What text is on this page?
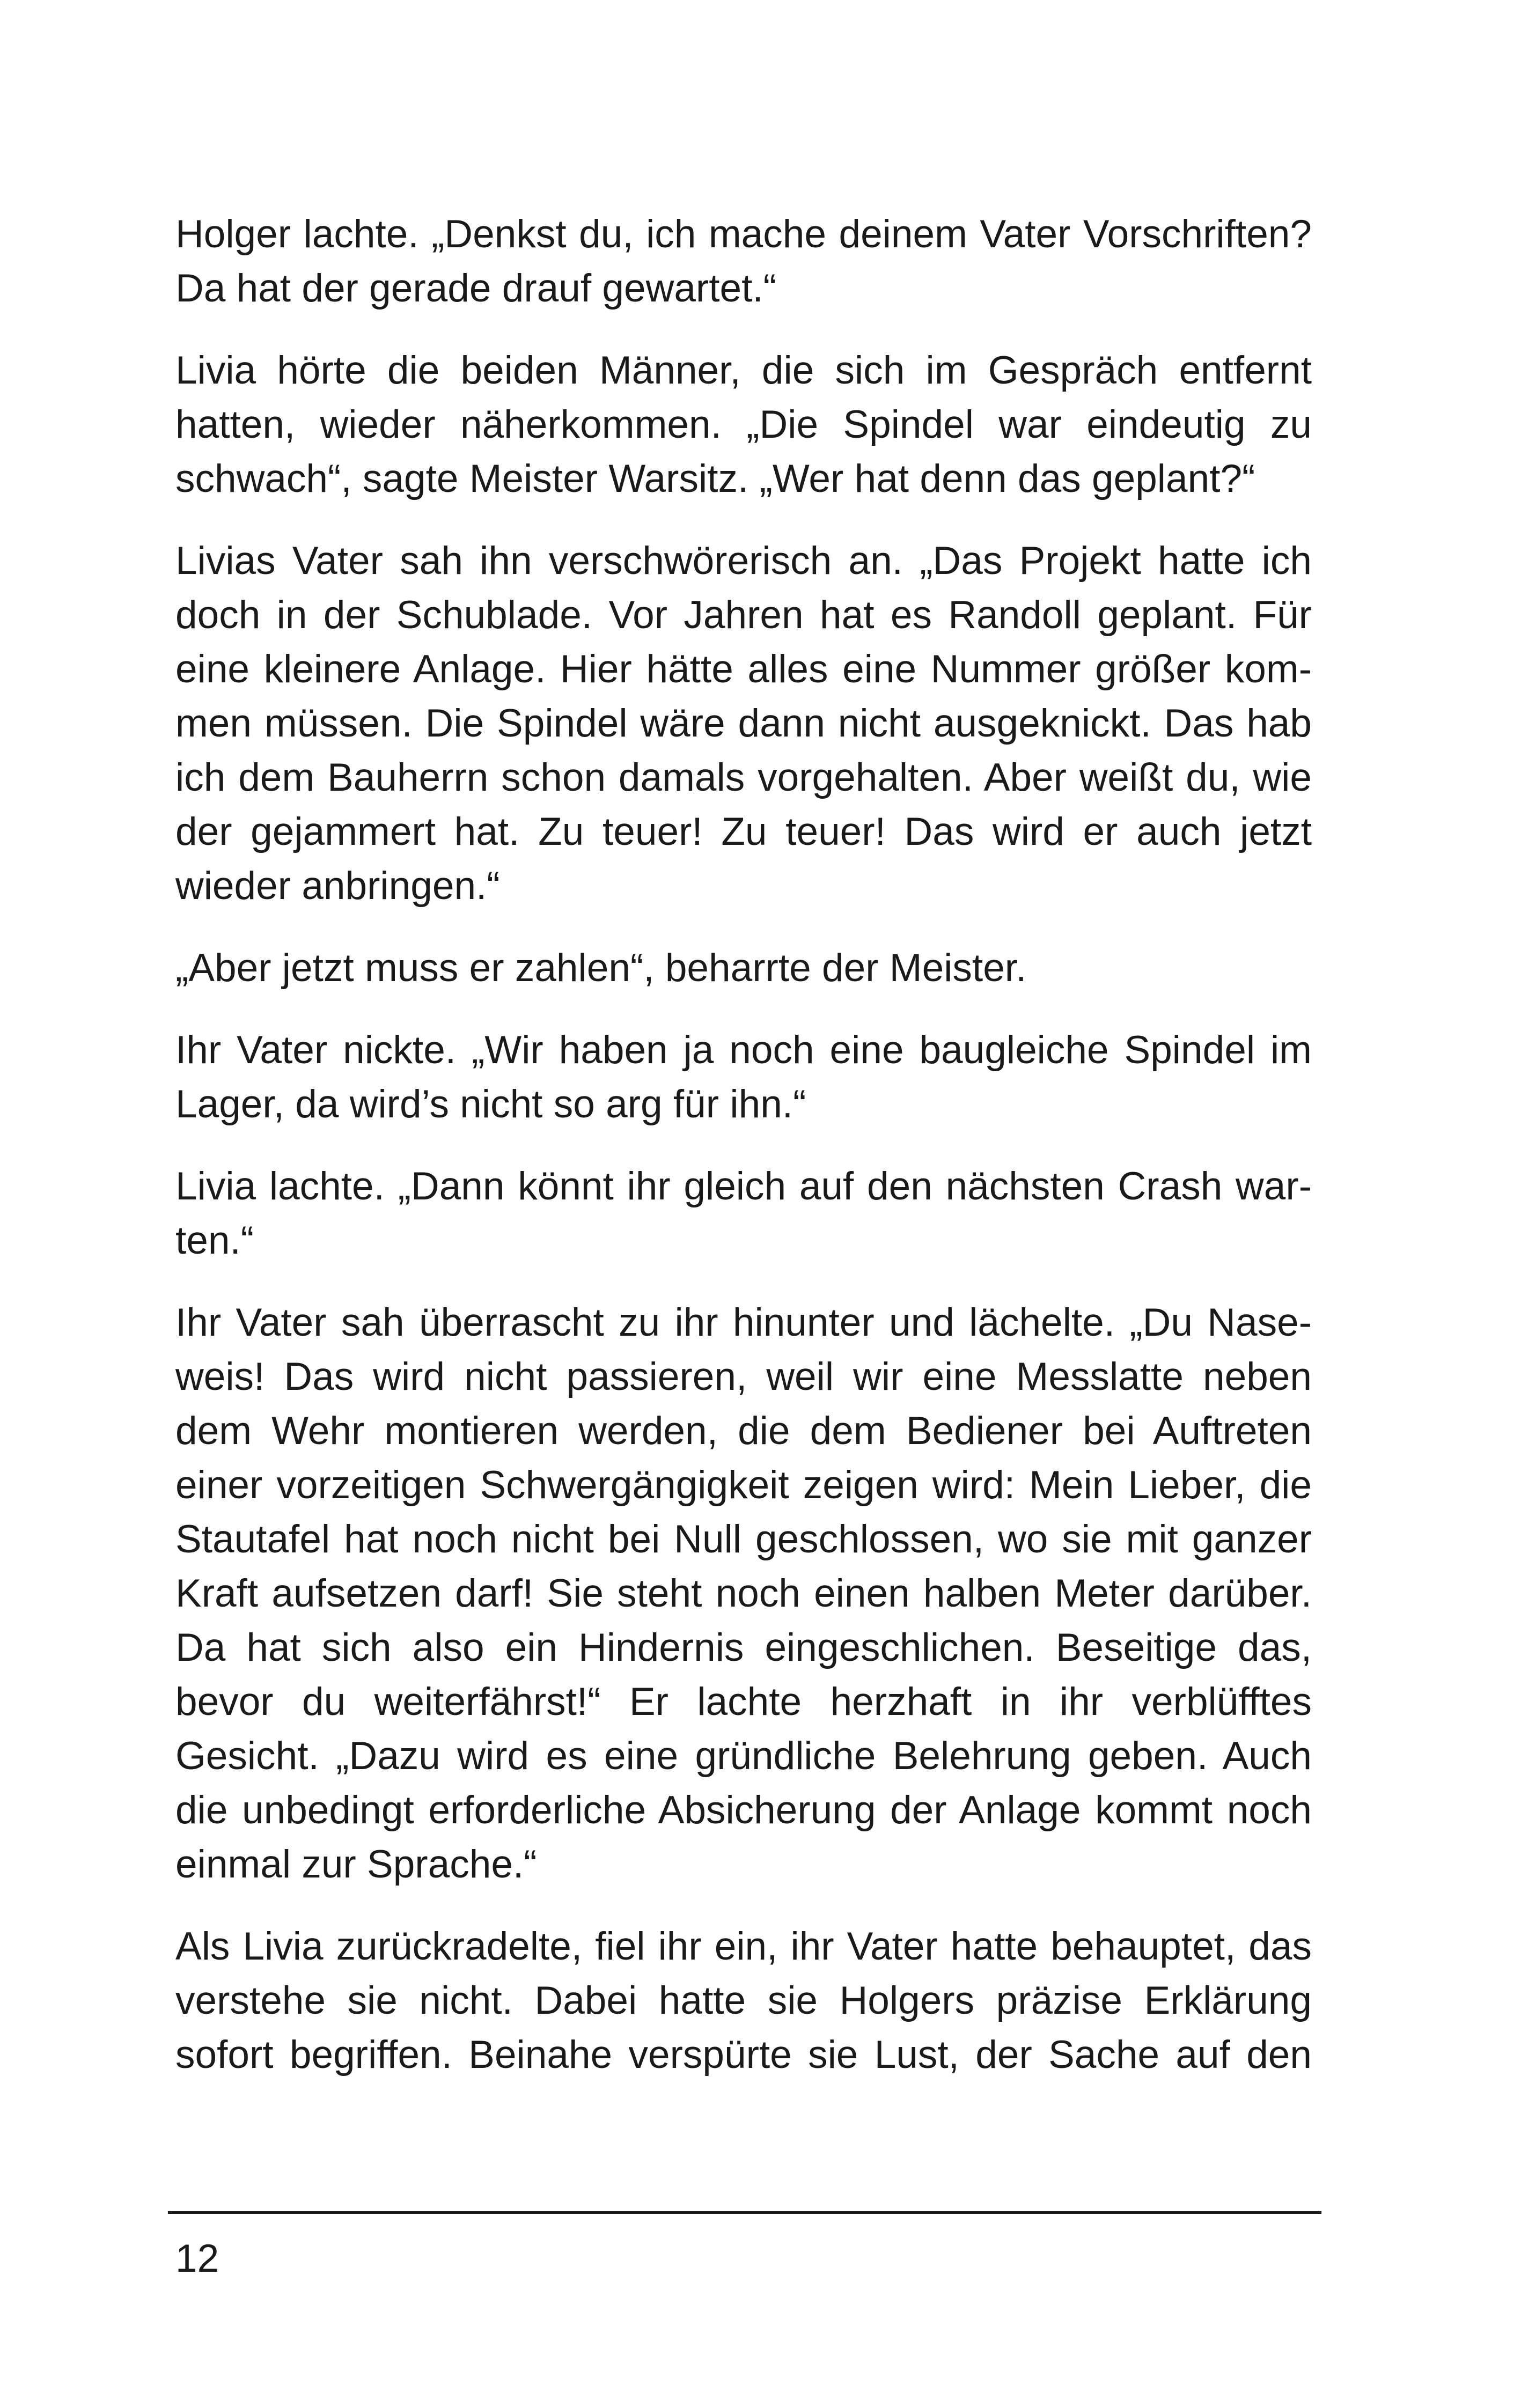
Holger lachte. „Denkst du, ich mache deinem Vater Vorschriften? Da hat der gerade drauf gewartet.“

Livia hörte die beiden Männer, die sich im Gespräch entfernt hatten, wieder näherkommen. „Die Spindel war eindeutig zu schwach“, sagte Meister Warsitz. „Wer hat denn das geplant?“

Livias Vater sah ihn verschwörerisch an. „Das Projekt hatte ich doch in der Schublade. Vor Jahren hat es Randoll geplant. Für eine kleinere Anlage. Hier hätte alles eine Nummer größer kommen müssen. Die Spindel wäre dann nicht ausgeknickt. Das hab ich dem Bauherrn schon damals vorgehalten. Aber weißt du, wie der gejammert hat. Zu teuer! Zu teuer! Das wird er auch jetzt wieder anbringen.“

„Aber jetzt muss er zahlen“, beharrte der Meister.

Ihr Vater nickte. „Wir haben ja noch eine baugleiche Spindel im Lager, da wird’s nicht so arg für ihn.“

Livia lachte. „Dann könnt ihr gleich auf den nächsten Crash warten.“

Ihr Vater sah überrascht zu ihr hinunter und lächelte. „Du Naseweis! Das wird nicht passieren, weil wir eine Messlatte neben dem Wehr montieren werden, die dem Bediener bei Auftreten einer vorzeitigen Schwergängigkeit zeigen wird: Mein Lieber, die Stautafel hat noch nicht bei Null geschlossen, wo sie mit ganzer Kraft aufsetzen darf! Sie steht noch einen halben Meter darüber. Da hat sich also ein Hindernis eingeschlichen. Beseitige das, bevor du weiterfährst!“ Er lachte herzhaft in ihr verblüfftes Gesicht. „Dazu wird es eine gründliche Belehrung geben. Auch die unbedingt erforderliche Absicherung der Anlage kommt noch einmal zur Sprache.“

Als Livia zurückradelte, fiel ihr ein, ihr Vater hatte behauptet, das verstehe sie nicht. Dabei hatte sie Holgers präzise Erklärung sofort begriffen. Beinahe verspürte sie Lust, der Sache auf den

12
